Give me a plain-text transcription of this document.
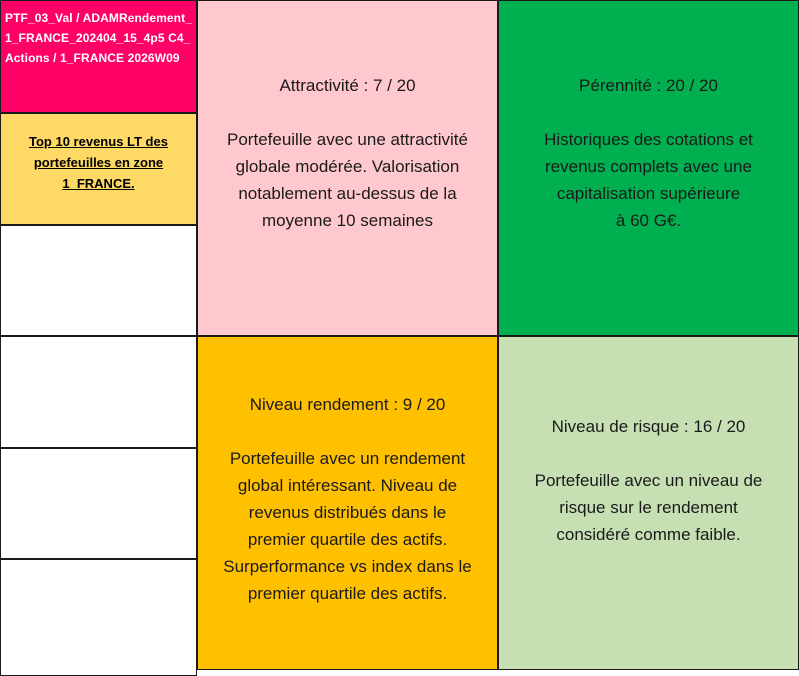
PTF_03_Val / ADAMRendement_1_FRANCE_202404_15_4p5 C4_Actions / 1_FRANCE 2026W09
Top 10 revenus LT des portefeuilles en zone 1_FRANCE.
Attractivité : 7 / 20
Portefeuille avec une attractivité
globale modérée. Valorisation
notablement au-dessus de la
moyenne 10 semaines
Pérennité : 20 / 20
Historiques des cotations et
revenus complets avec une
capitalisation supérieure
à 60 G€.
Niveau rendement : 9 / 20
Portefeuille avec un rendement
global intéressant. Niveau de
revenus distribués dans le
premier quartile des actifs.
Surperformance vs index dans le
premier quartile des actifs.
Niveau de risque : 16 / 20
Portefeuille avec un niveau de
risque sur le rendement
considéré comme faible.
